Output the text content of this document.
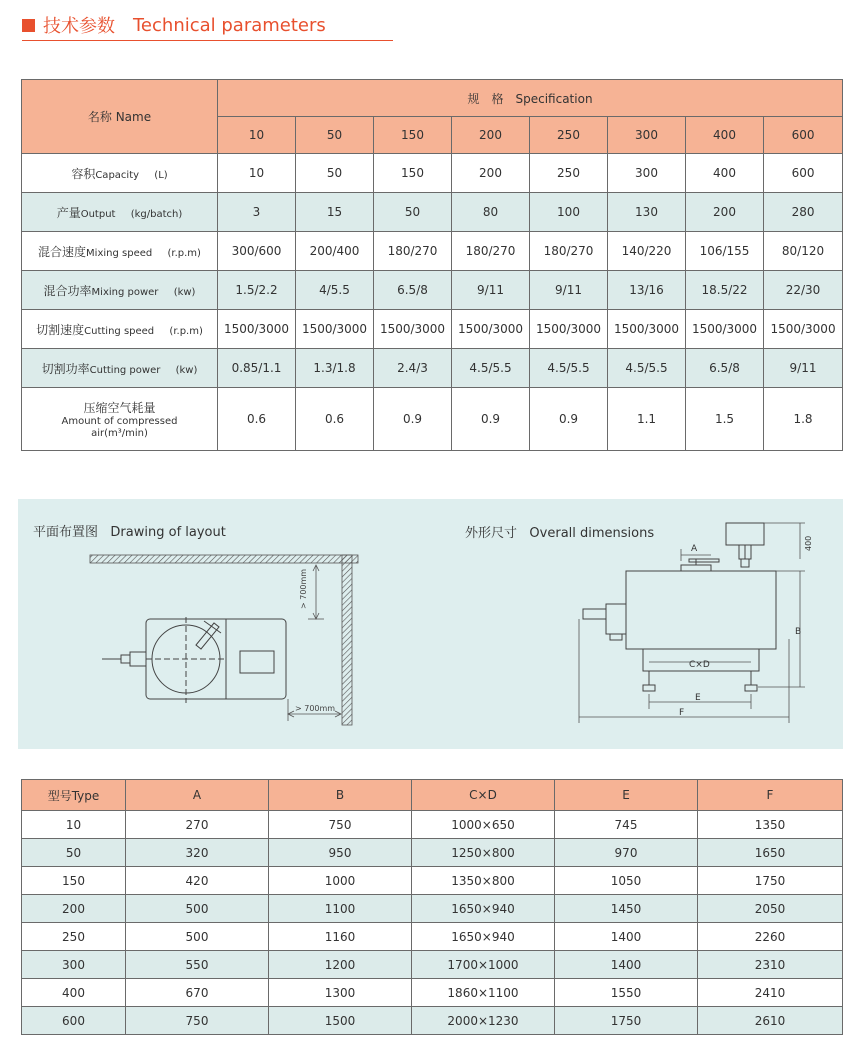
技术参数 Technical parameters
名称 Name	规　格　Specification							
	10	50	150	200	250	300	400	600
容积Capacity (L)	10	50	150	200	250	300	400	600
产量Output (kg/batch)	3	15	50	80	100	130	200	280
混合速度Mixing speed (r.p.m)	300/600	200/400	180/270	180/270	180/270	140/220	106/155	80/120
混合功率Mixing power (kw)	1.5/2.2	4/5.5	6.5/8	9/11	9/11	13/16	18.5/22	22/30
切割速度Cutting speed (r.p.m)	1500/3000	1500/3000	1500/3000	1500/3000	1500/3000	1500/3000	1500/3000	1500/3000
切割功率Cutting power (kw)	0.85/1.1	1.3/1.8	2.4/3	4.5/5.5	4.5/5.5	4.5/5.5	6.5/8	9/11

压缩空气耗量
Amount of compressed
air(m³/min)	0.6	0.6	0.9	0.9	0.9	1.1	1.5	1.8
平面布置图 Drawing of layout	外形尺寸 Overall dimensions
> 700mm
> 700mm
A	400
B
C×D
E
F
型号Type	A	B	C×D	E	F
10	270	750	1000×650	745	1350
50	320	950	1250×800	970	1650
150	420	1000	1350×800	1050	1750
200	500	1100	1650×940	1450	2050
250	500	1160	1650×940	1400	2260
300	550	1200	1700×1000	1400	2310
400	670	1300	1860×1100	1550	2410
600	750	1500	2000×1230	1750	2610
